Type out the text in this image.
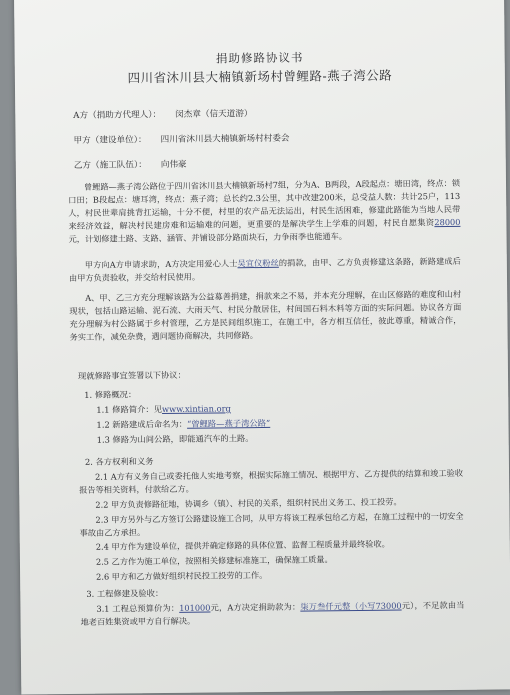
捐助修路协议书
四川省沐川县大楠镇新场村曾鲤路-燕子湾公路
A方（捐助方代理人）： 闵杰章（信天道游）
甲方（建设单位）： 四川省沐川县大楠镇新场村村委会
乙方（施工队伍）： 向伟豪
曾鲤路—燕子湾公路位于四川省沐川县大楠镇新场村7组，分为A、B两段，A段起点：塘田湾，终点：锁口田；B段起点：塘耳湾，终点：燕子湾；总长约2.3公里，其中改建200米，总受益人数：共计25户，113人，村民世辈肩挑背扛运输，十分不便，村里的农产品无法运出，村民生活困难，修建此路能为当地人民带来经济效益，解决村民建房难和运输难的问题，更重要的是解决学生上学难的问题，村民自愿集资28000元，计划修建土路、支路、涵管、并铺设部分路面块石，力争雨季也能通车。
甲方向A方申请求助，A方决定用爱心人士吴宜仪粉丝的捐款，由甲、乙方负责修建这条路，新路建成后由甲方负责验收，并交给村民使用。
A、甲、乙三方充分理解该路为公益募善捐建，捐款来之不易，并本充分理解，在山区修路的难度和山村现状，包括山路运输、泥石流、大雨天气、村民分散居住，村间国石料木料等方面的实际问题。协议各方面充分理解为村公路属于乡村管理，乙方是民间组织施工，在施工中，各方相互信任，彼此尊重，精诚合作，务实工作，减免杂费，遇问题协商解决，共同修路。
现就修路事宜签署以下协议：
1. 修路概况：
1.1 修路简介：见www.xintian.org
1.2 新路建成后命名为：“曾鲤路—燕子湾公路”
1.3 修路为山间公路，即能通汽车的土路。
2. 各方权利和义务
2.1 A方有义务自己或委托他人实地考察，根据实际施工情况、根据甲方、乙方提供的结算和竣工验收报告等相关资料，付款给乙方。
2.2 甲方负责修路征地，协调乡（镇）、村民的关系，组织村民出义务工、投工投劳。
2.3 甲方另外与乙方签订公路建设施工合同，从甲方将该工程承包给乙方起，在施工过程中的一切安全事故由乙方承担。
2.4 甲方作为建设单位，提供并确定修路的具体位置、监督工程质量并最终验收。
2.5 乙方作为施工单位，按照相关修建标准施工，确保施工质量。
2.6 甲方和乙方做好组织村民投工投劳的工作。
3. 工程修建及验收：
3.1 工程总预算价为：101000元，A方决定捐助款为：柒万叁仟元整（小写73000元），不足款由当地老百姓集资或甲方自行解决。
